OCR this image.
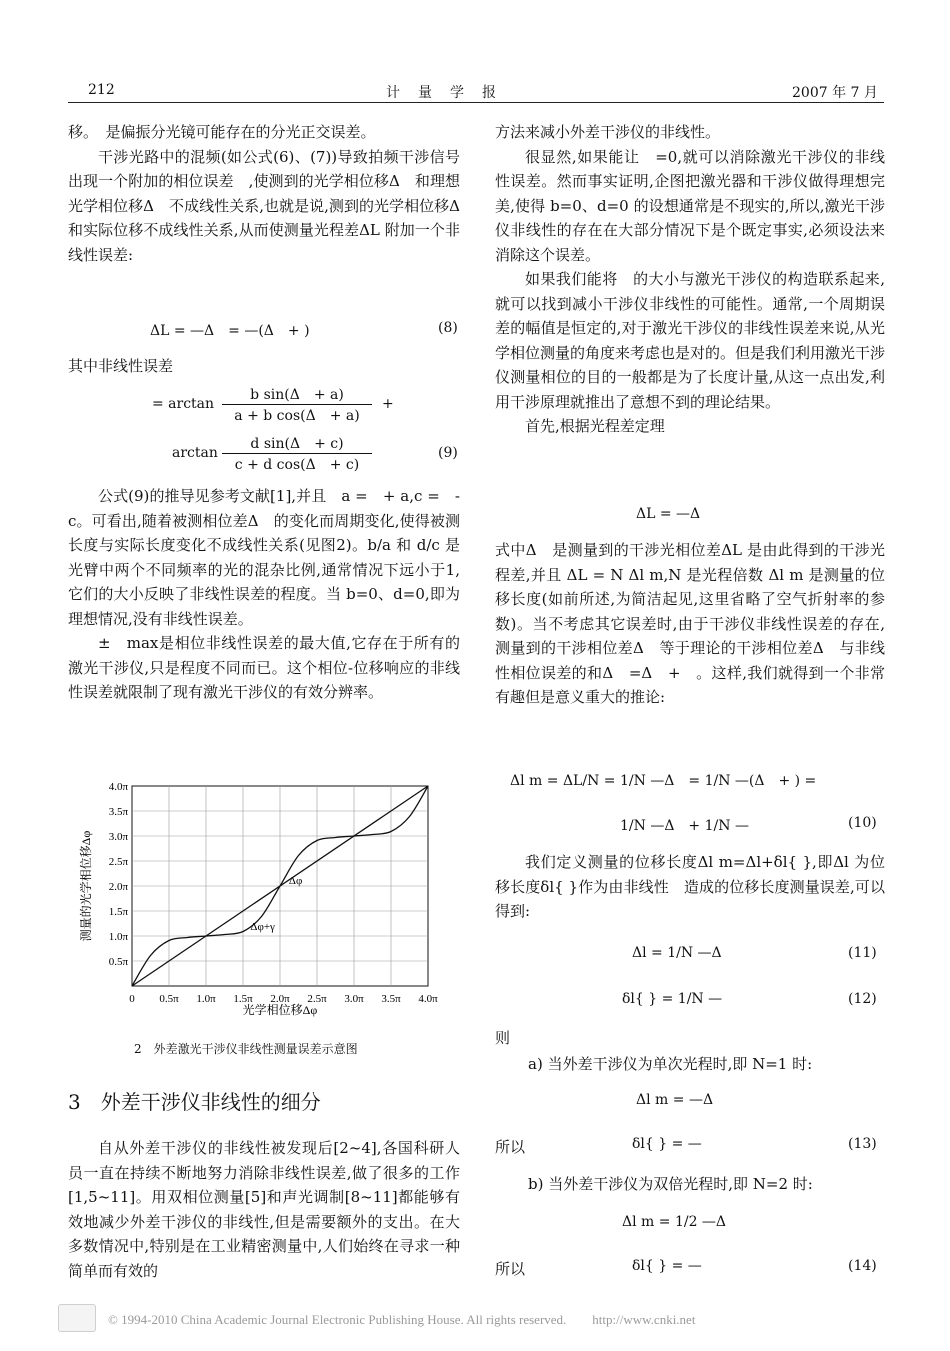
212	计　量　学　报	2007 年 7 月

移。　是偏振分光镜可能存在的分光正交误差。

干涉光路中的混频(如公式(6)、(7))导致拍频干涉信号出现一个附加的相位误差　,使测到的光学相位移Δ　和理想光学相位移Δ　不成线性关系,也就是说,测到的光学相位移Δ　和实际位移不成线性关系,从而使测量光程差ΔL 附加一个非线性误差:

ΔL = —Δ　= —(Δ　+ )	(8)

其中非线性误差

= arctan
b sin(Δ　+ a)
a + b cos(Δ　+ a)
+
arctan
d sin(Δ　+ c)
c + d cos(Δ　+ c)
(9)

公式(9)的推导见参考文献[1],并且　a =　+ a,c =　-　c。可看出,随着被测相位差Δ　的变化而周期变化,使得被测长度与实际长度变化不成线性关系(见图2)。b/a 和 d/c 是光臂中两个不同频率的光的混杂比例,通常情况下远小于1,它们的大小反映了非线性误差的程度。当 b=0、d=0,即为理想情况,没有非线性误差。

±　max是相位非线性误差的最大值,它存在于所有的激光干涉仪,只是程度不同而已。这个相位-位移响应的非线性误差就限制了现有激光干涉仪的有效分辨率。

0 0.5π 1.0π 1.5π 2.0π 2.5π 3.0π 3.5π 4.0π
0.5π
1.0π
1.5π
2.0π
2.5π
3.0π
3.5π
4.0π
Δφ
Δφ+γ
光学相位移Δφ
测量的光学相位移Δφ
2　外差激光干涉仪非线性测量误差示意图
3　外差干涉仪非线性的细分

自从外差干涉仪的非线性被发现后[2~4],各国科研人员一直在持续不断地努力消除非线性误差,做了很多的工作[1,5~11]。用双相位测量[5]和声光调制[8~11]都能够有效地减少外差干涉仪的非线性,但是需要额外的支出。在大多数情况中,特别是在工业精密测量中,人们始终在寻求一种简单而有效的

方法来减小外差干涉仪的非线性。

很显然,如果能让　=0,就可以消除激光干涉仪的非线性误差。然而事实证明,企图把激光器和干涉仪做得理想完美,使得 b=0、d=0 的设想通常是不现实的,所以,激光干涉仪非线性的存在在大部分情况下是个既定事实,必须设法来消除这个误差。

如果我们能将　的大小与激光干涉仪的构造联系起来,就可以找到减小干涉仪非线性的可能性。通常,一个周期误差的幅值是恒定的,对于激光干涉仪的非线性误差来说,从光学相位测量的角度来考虑也是对的。但是我们利用激光干涉仪测量相位的目的一般都是为了长度计量,从这一点出发,利用干涉原理就推出了意想不到的理论结果。

首先,根据光程差定理

ΔL = —Δ

式中Δ　是测量到的干涉光相位差ΔL 是由此得到的干涉光程差,并且 ΔL = N Δl m,N 是光程倍数 Δl m 是测量的位移长度(如前所述,为简洁起见,这里省略了空气折射率的参数)。当不考虑其它误差时,由于干涉仪非线性误差的存在,测量到的干涉相位差Δ　等于理论的干涉相位差Δ　与非线性相位误差的和Δ　=Δ　+　。这样,我们就得到一个非常有趣但是意义重大的推论:

Δl m = ΔL/N = 1/N —Δ　= 1/N —(Δ　+ ) =
1/N —Δ　+ 1/N —	(10)

我们定义测量的位移长度Δl m=Δl+δl{ },即Δl 为位移长度δl{ }作为由非线性　造成的位移长度测量误差,可以得到:

Δl = 1/N —Δ	(11)
δl{ } = 1/N —	(12)

则

a) 当外差干涉仪为单次光程时,即 N=1 时:

Δl m = —Δ
所以	δl{ } = —	(13)

b) 当外差干涉仪为双倍光程时,即 N=2 时:

Δl m = 1/2 —Δ
所以	δl{ } = —	(14)
© 1994-2010 China Academic Journal Electronic Publishing House. All rights reserved.　　http://www.cnki.net
